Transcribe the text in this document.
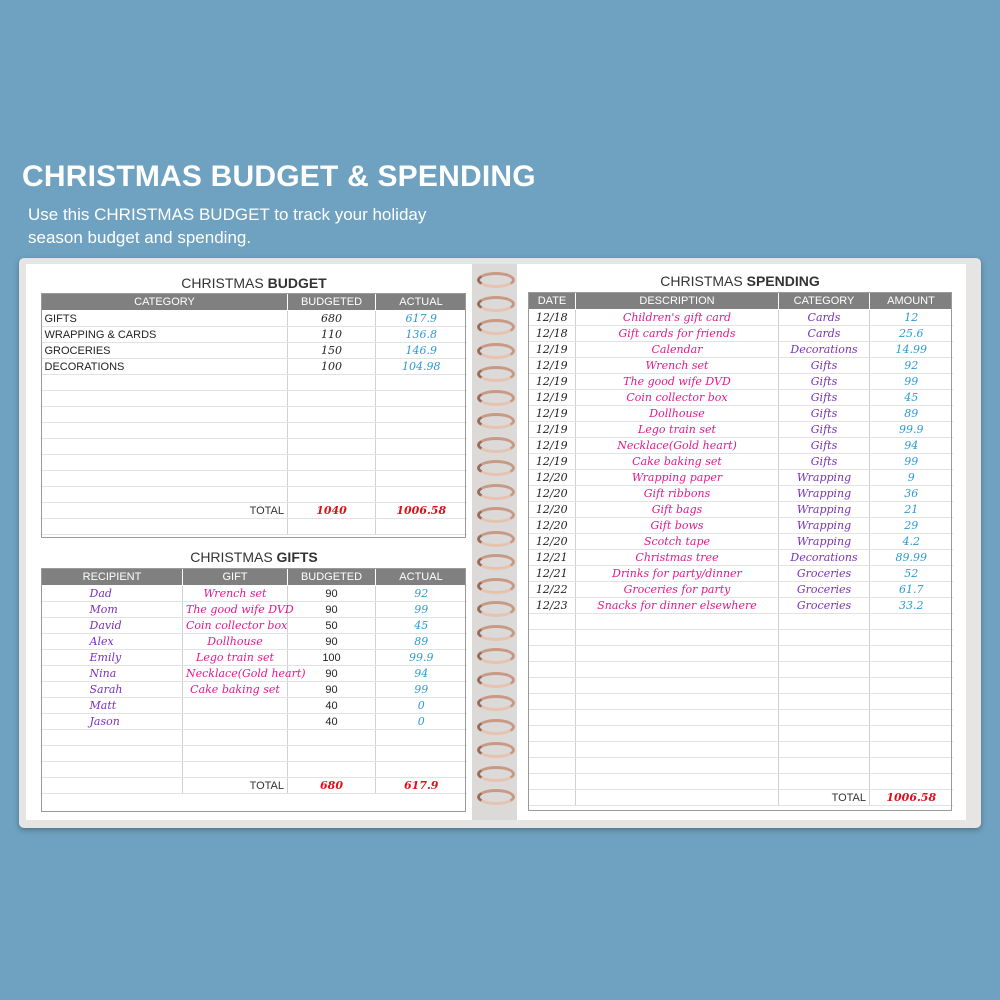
CHRISTMAS BUDGET & SPENDING
Use this CHRISTMAS BUDGET to track your holiday season budget and spending.
CHRISTMAS BUDGET
CATEGORY	BUDGETED	ACTUAL
GIFTS	680	617.9
WRAPPING & CARDS	110	136.8
GROCERIES	150	146.9
DECORATIONS	100	104.98

TOTAL	1040	1006.58

CHRISTMAS GIFTS
RECIPIENT	GIFT	BUDGETED	ACTUAL
Dad	Wrench set	90	92
Mom	The good wife DVD	90	99
David	Coin collector box	50	45
Alex	Dollhouse	90	89
Emily	Lego train set	100	99.9
Nina	Necklace(Gold heart)	90	94
Sarah	Cake baking set	90	99
Matt		40	0
Jason		40	0

	TOTAL	680	617.9
CHRISTMAS SPENDING
DATE	DESCRIPTION	CATEGORY	AMOUNT
12/18	Children's gift card	Cards	12
12/18	Gift cards for friends	Cards	25.6
12/19	Calendar	Decorations	14.99
12/19	Wrench set	Gifts	92
12/19	The good wife DVD	Gifts	99
12/19	Coin collector box	Gifts	45
12/19	Dollhouse	Gifts	89
12/19	Lego train set	Gifts	99.9
12/19	Necklace(Gold heart)	Gifts	94
12/19	Cake baking set	Gifts	99
12/20	Wrapping paper	Wrapping	9
12/20	Gift ribbons	Wrapping	36
12/20	Gift bags	Wrapping	21
12/20	Gift bows	Wrapping	29
12/20	Scotch tape	Wrapping	4.2
12/21	Christmas tree	Decorations	89.99
12/21	Drinks for party/dinner	Groceries	52
12/22	Groceries for party	Groceries	61.7
12/23	Snacks for dinner elsewhere	Groceries	33.2

		TOTAL	1006.58
